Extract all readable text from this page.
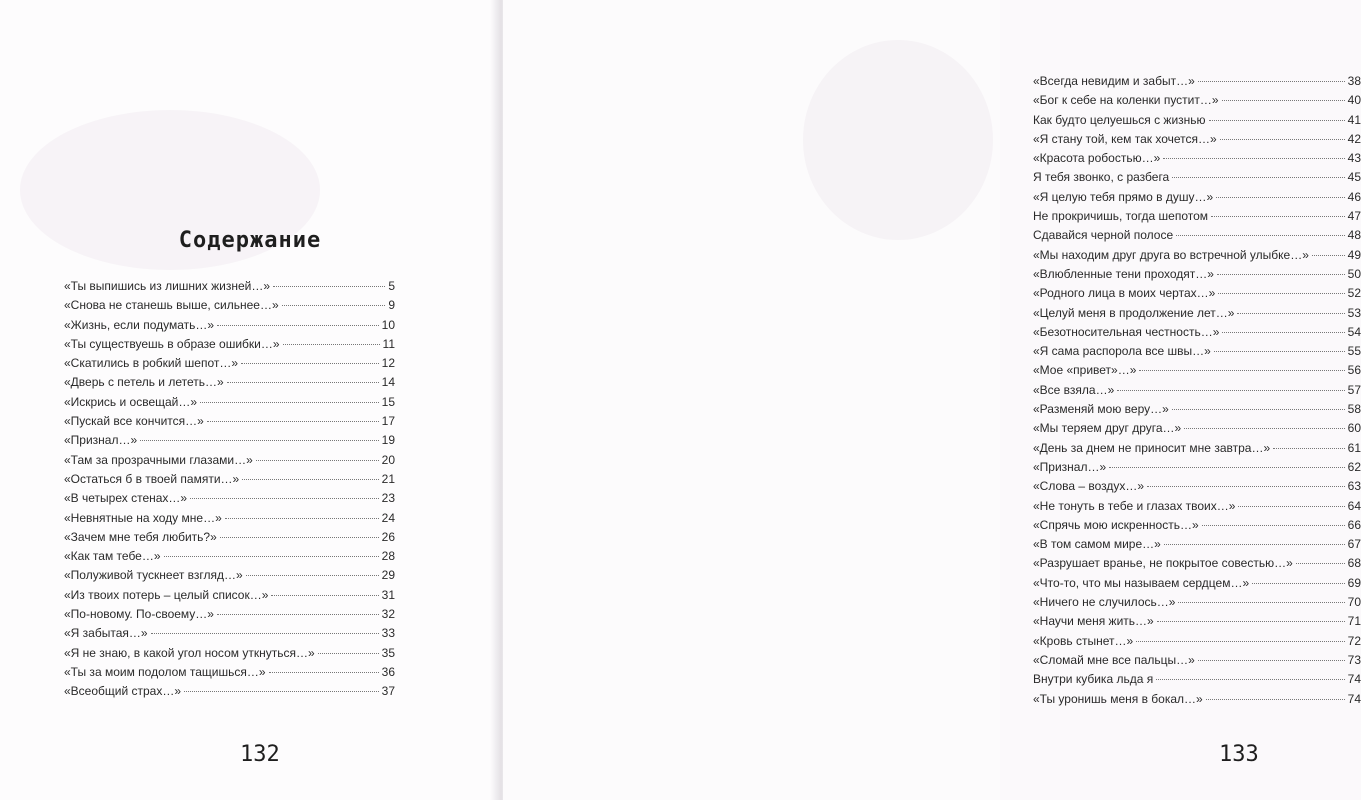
Содержание
«Ты выпишись из лишних жизней…»	5
«Снова не станешь выше, сильнее…»	9
«Жизнь, если подумать…»	10
«Ты существуешь в образе ошибки…»	11
«Скатились в робкий шепот…»	12
«Дверь с петель и лететь…»	14
«Искрись и освещай…»	15
«Пускай все кончится…»	17
«Признал…»	19
«Там за прозрачными глазами…»	20
«Остаться б в твоей памяти…»	21
«В четырех стенах…»	23
«Невнятные на ходу мне…»	24
«Зачем мне тебя любить?»	26
«Как там тебе…»	28
«Полуживой тускнеет взгляд…»	29
«Из твоих потерь – целый список…»	31
«По-новому. По-своему…»	32
«Я забытая…»	33
«Я не знаю, в какой угол носом уткнуться…»	35
«Ты за моим подолом тащишься…»	36
«Всеобщий страх…»	37

132

«Всегда невидим и забыт…»	38
«Бог к себе на коленки пустит…»	40
Как будто целуешься с жизнью	41
«Я стану той, кем так хочется…»	42
«Красота робостью…»	43
Я тебя звонко, с разбега	45
«Я целую тебя прямо в душу…»	46
Не прокричишь, тогда шепотом	47
Сдавайся черной полосе	48
«Мы находим друг друга во встречной улыбке…»	49
«Влюбленные тени проходят…»	50
«Родного лица в моих чертах…»	52
«Целуй меня в продолжение лет…»	53
«Безотносительная честность…»	54
«Я сама распорола все швы…»	55
«Мое «привет»…»	56
«Все взяла…»	57
«Разменяй мою веру…»	58
«Мы теряем друг друга…»	60
«День за днем не приносит мне завтра…»	61
«Признал…»	62
«Слова – воздух…»	63
«Не тонуть в тебе и глазах твоих…»	64
«Спрячь мою искренность…»	66
«В том самом мире…»	67
«Разрушает вранье, не покрытое совестью…»	68
«Что-то, что мы называем сердцем…»	69
«Ничего не случилось…»	70
«Научи меня жить…»	71
«Кровь стынет…»	72
«Сломай мне все пальцы…»	73
Внутри кубика льда я	74
«Ты уронишь меня в бокал…»	74

133
